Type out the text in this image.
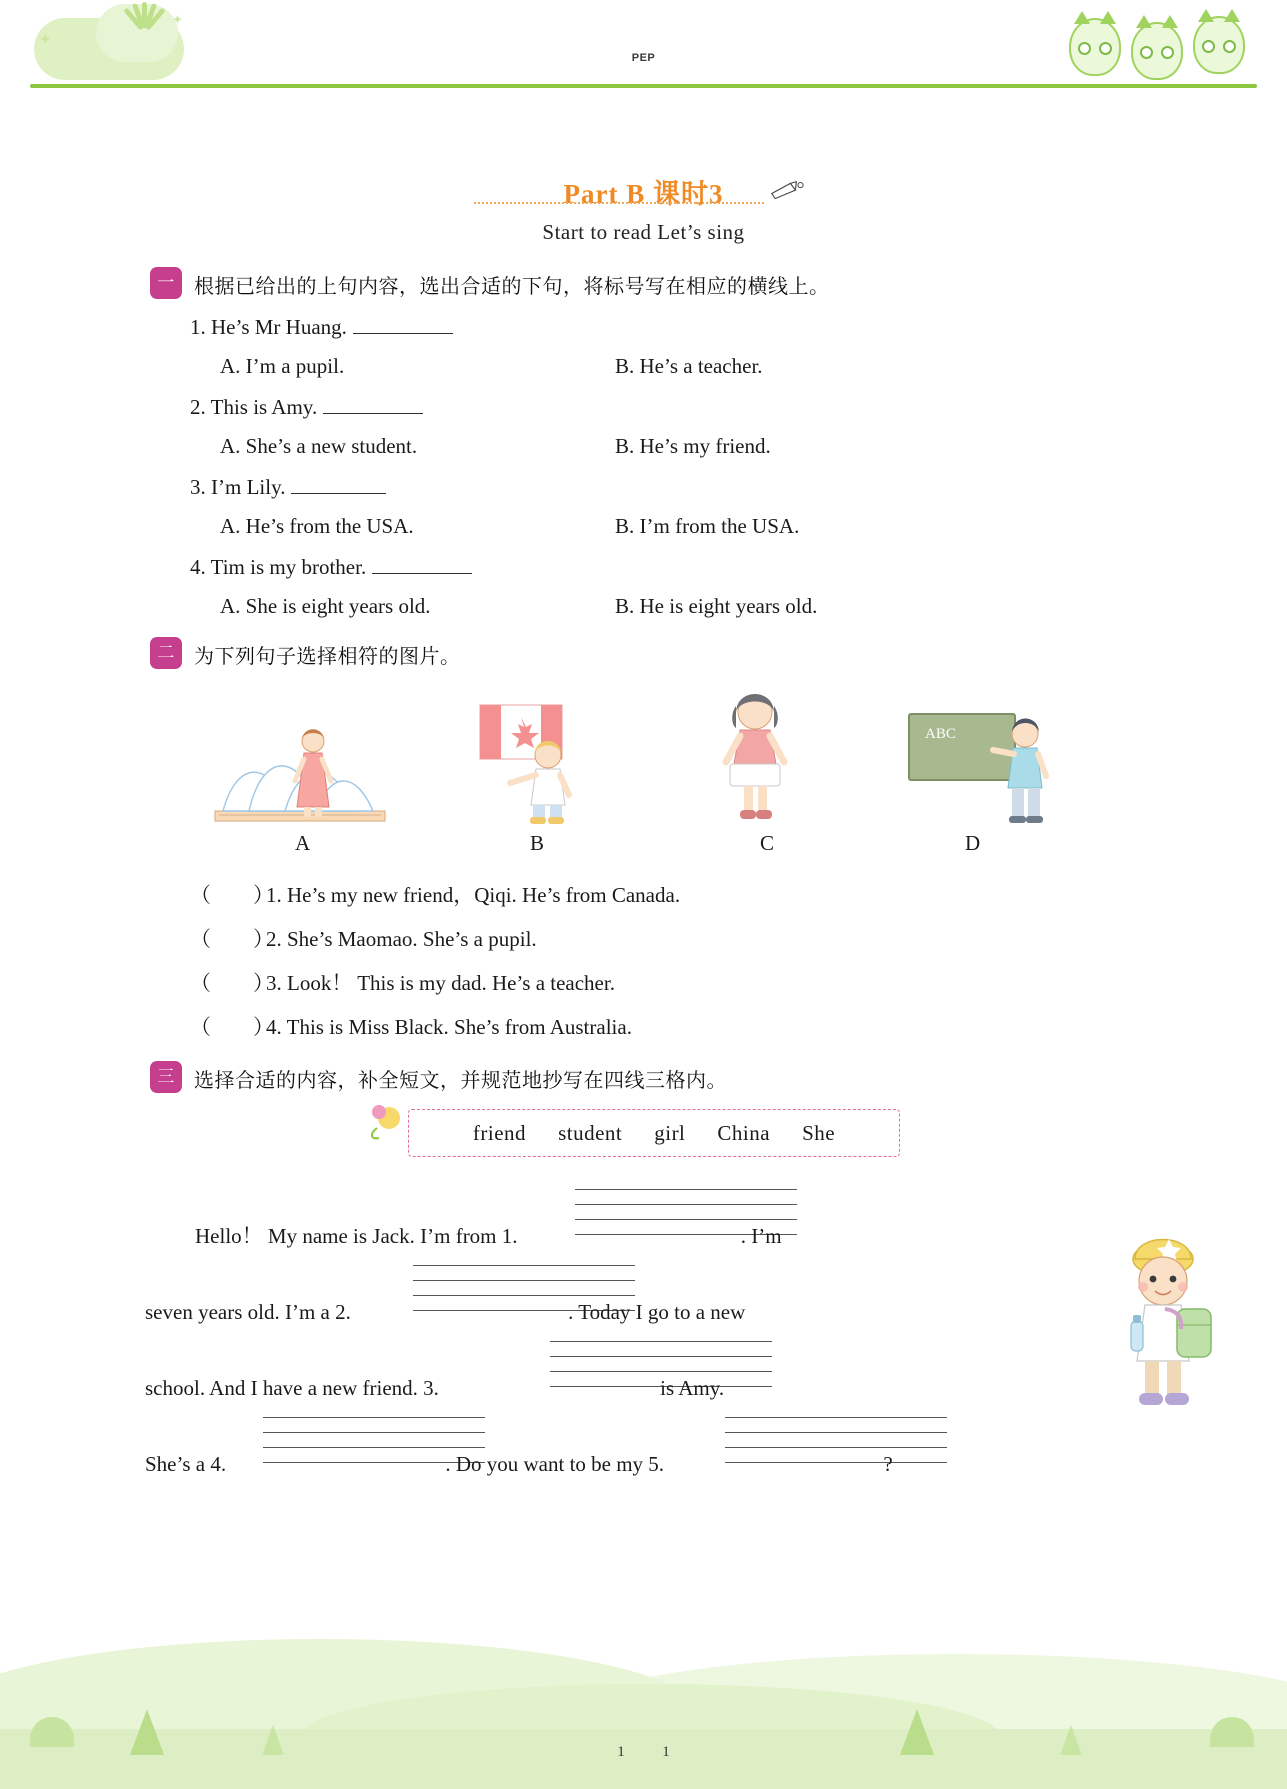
✦
✦
PEP
Part B 课时3
Start to read Let’s sing
一 根据已给出的上句内容，选出合适的下句，将标号写在相应的横线上。
1. He’s Mr Huang.
A. I’m a pupil.	B. He’s a teacher.
2. This is Amy.
A. She’s a new student.	B. He’s my friend.
3. I’m Lily.
A. He’s from the USA.	B. I’m from the USA.
4. Tim is my brother.
A. She is eight years old.	B. He is eight years old.
二 为下列句子选择相符的图片。
ABC
A	B	C	D
（　　）1. He’s my new friend，Qiqi. He’s from Canada.
（　　）2. She’s Maomao. She’s a pupil.
（　　）3. Look！ This is my dad. He’s a teacher.
（　　）4. This is Miss Black. She’s from Australia.
三 选择合适的内容，补全短文，并规范地抄写在四线三格内。
friend student girl China She
Hello！ My name is Jack. I’m from 1.	. I’m
seven years old. I’m a 2.	. Today I go to a new
school. And I have a new friend. 3.	is Amy.
She’s a 4.	. Do you want to be my 5.	?
11
